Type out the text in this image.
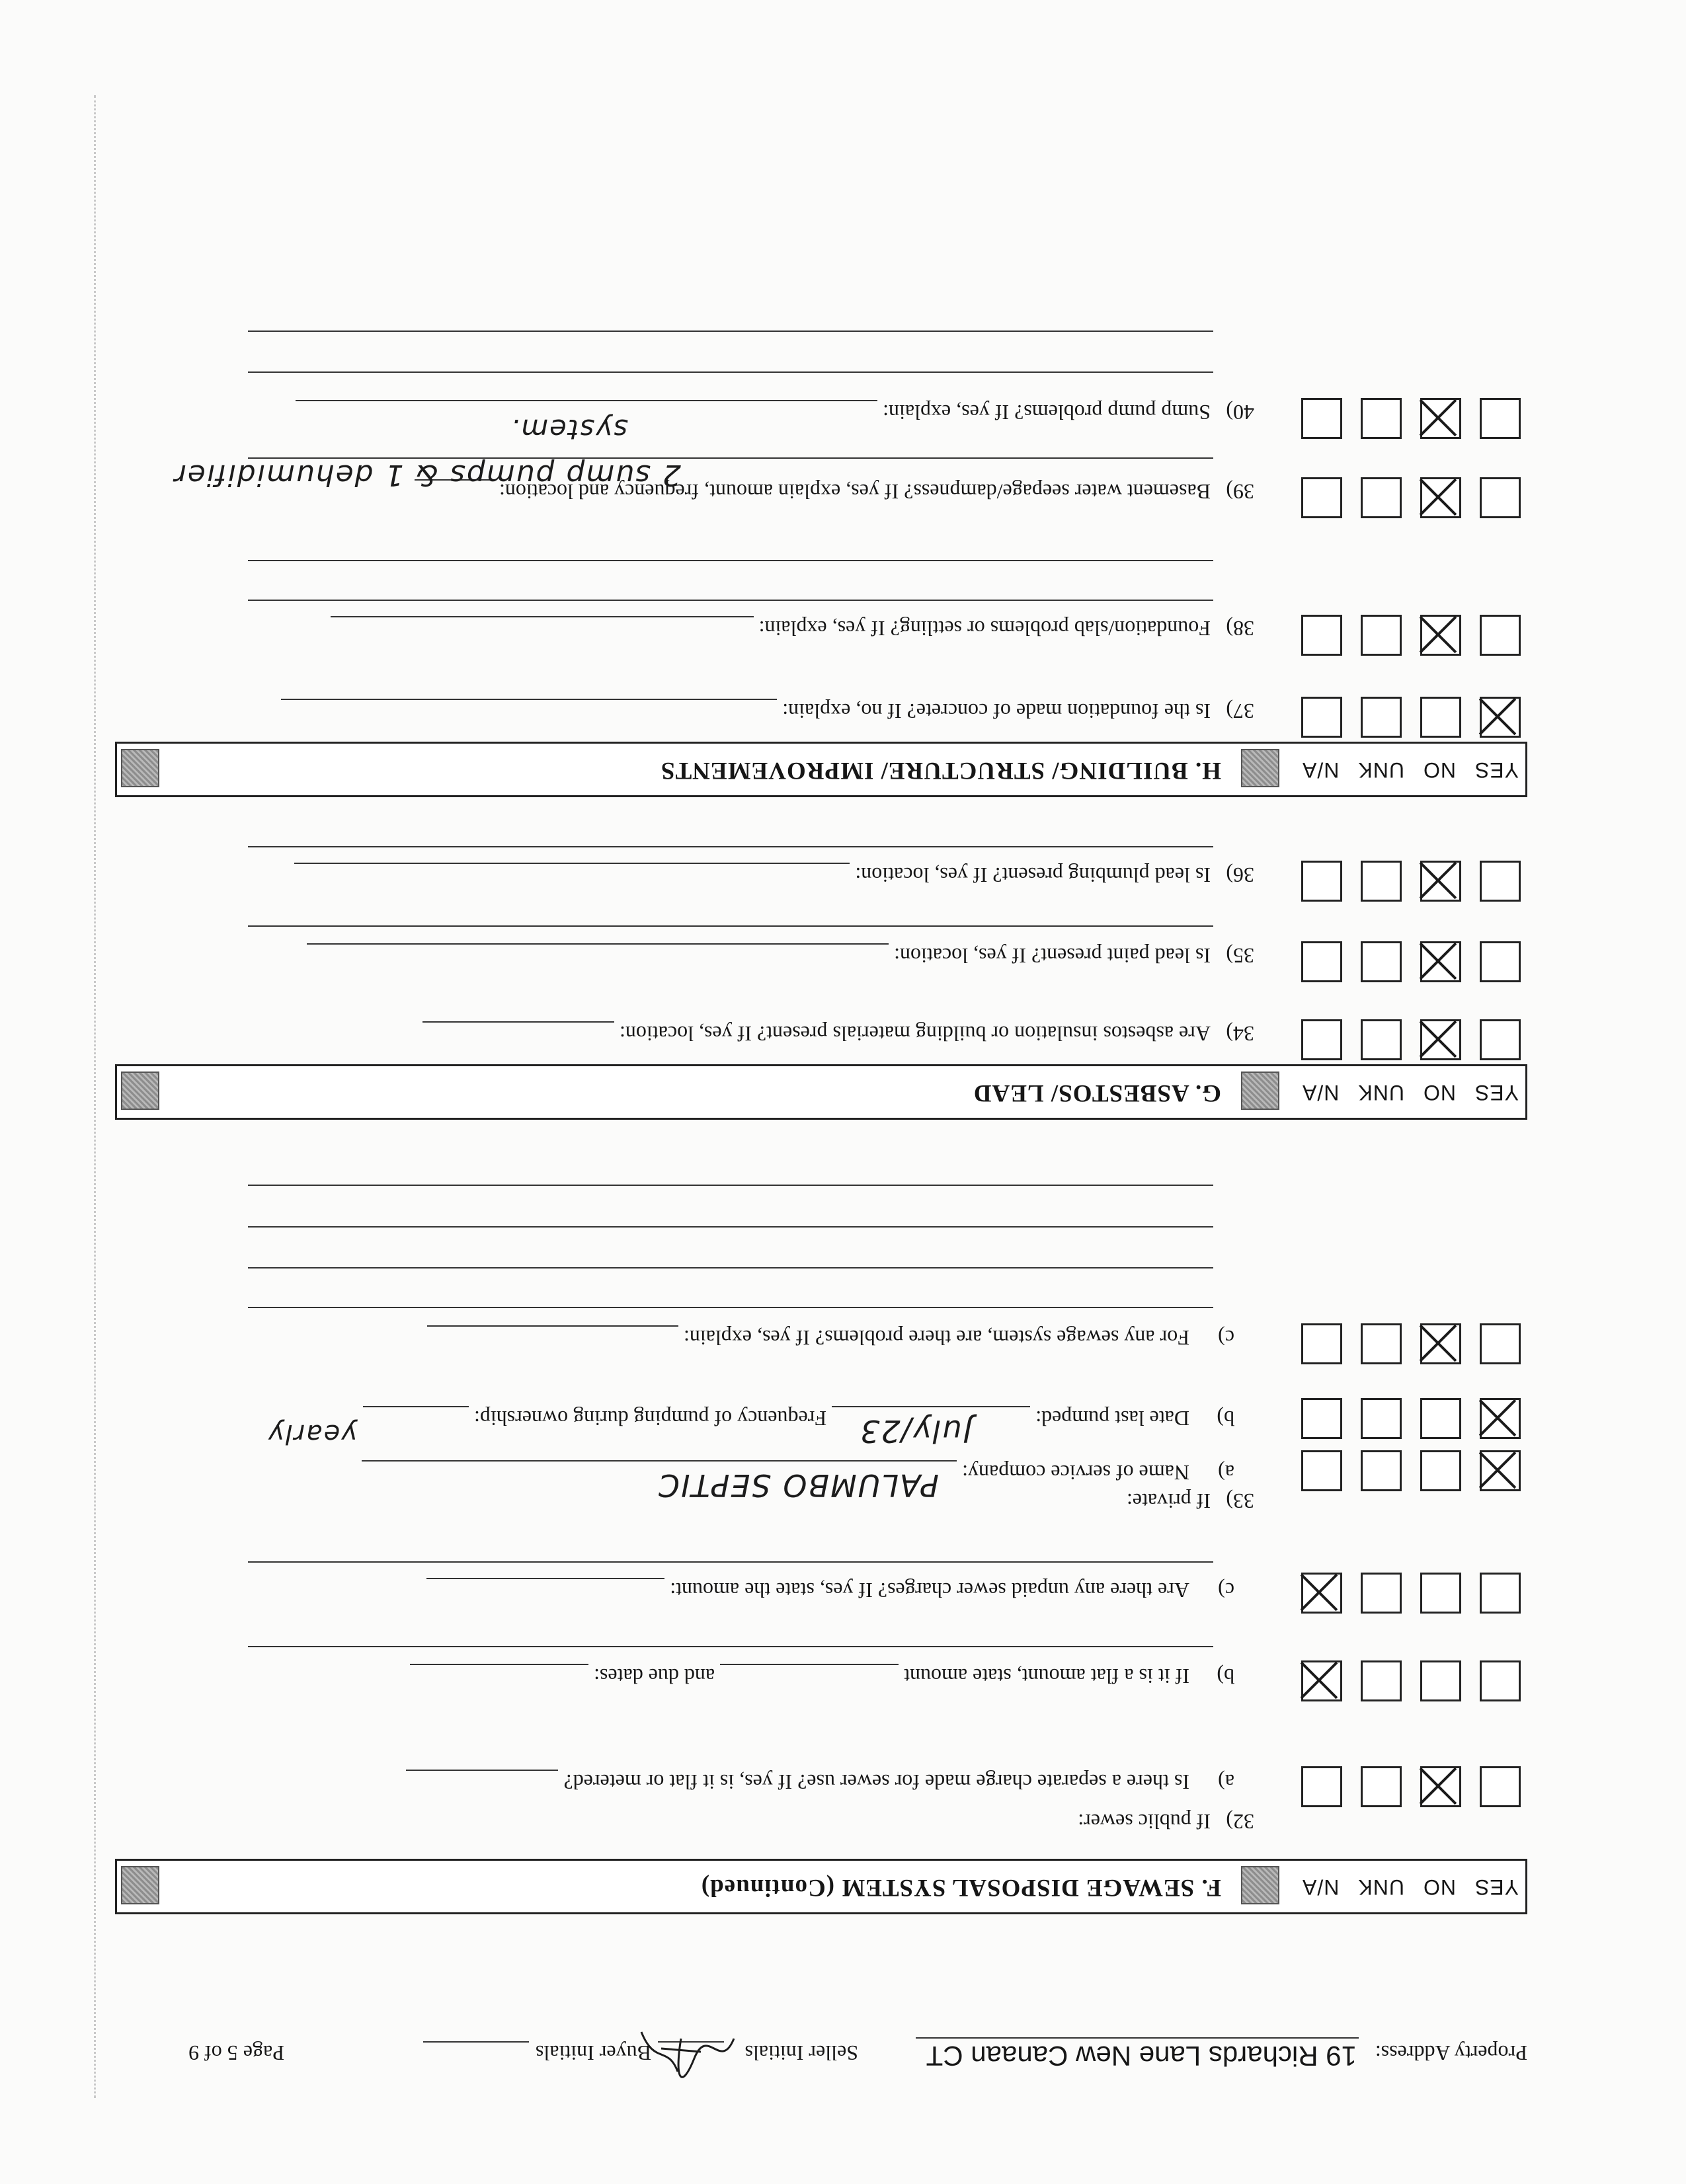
Property Address:
19 Richards Lane New Canaan CT
Seller Initials
Buyer Initials
Page 5 of 9
YES
NO
UNK
N/A
F. SEWAGE DISPOSAL SYSTEM (Continued)
32)If public sewer:
a)Is there a separate charge made for sewer use? If yes, is it flat or metered?
b)If it is a flat amount, state amountand due dates:
c)Are there any unpaid sewer charges? If yes, state the amount:
33)If private:
a)Name of service company:
PALUMBO SEPTIC
b)Date last pumped:Frequency of pumping during ownership:	July/23
yearly
c)For any sewage system, are there problems? If yes, explain:
YES
NO
UNK
N/A
G. ASBESTOS/ LEAD
34)Are asbestos insulation or building materials present? If yes, location:
35)Is lead paint present? If yes, location:
36)Is lead plumbing present? If yes, location:
YES
NO
UNK
N/A
H. BUILDING/ STRUCTURE/ IMPROVEMENTS
37)Is the foundation made of concrete? If no, explain:
38)Foundation/slab problems or settling? If yes, explain:
39)Basement water seepage/dampness? If yes, explain amount, frequency and location:
2 sump pumps & 1 dehumidifier
40)Sump pump problems? If yes, explain:
system.
